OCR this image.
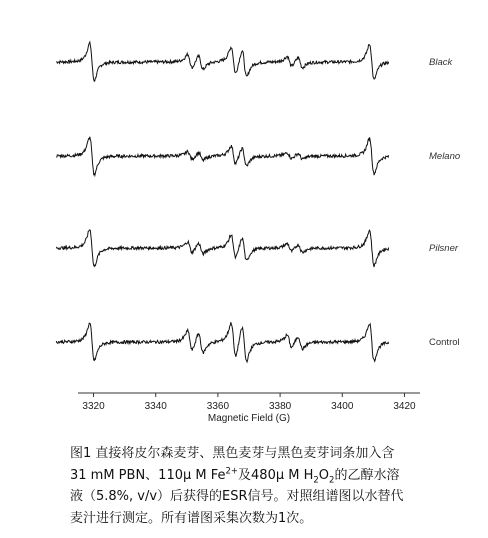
Black
Melano
Pilsner
Control
3320	3340	3360	3380	3400	3420
Magnetic Field (G)

图1 直接将皮尔森麦芽、黑色麦芽与黑色麦芽词条加入含
31 mM PBN、110μ M $Fe^{2+}$及480μ M $H_2O_2$的乙醇水溶
液（5.8%, v/v）后获得的ESR信号。对照组谱图以水替代
麦汁进行测定。所有谱图采集次数为1次。
